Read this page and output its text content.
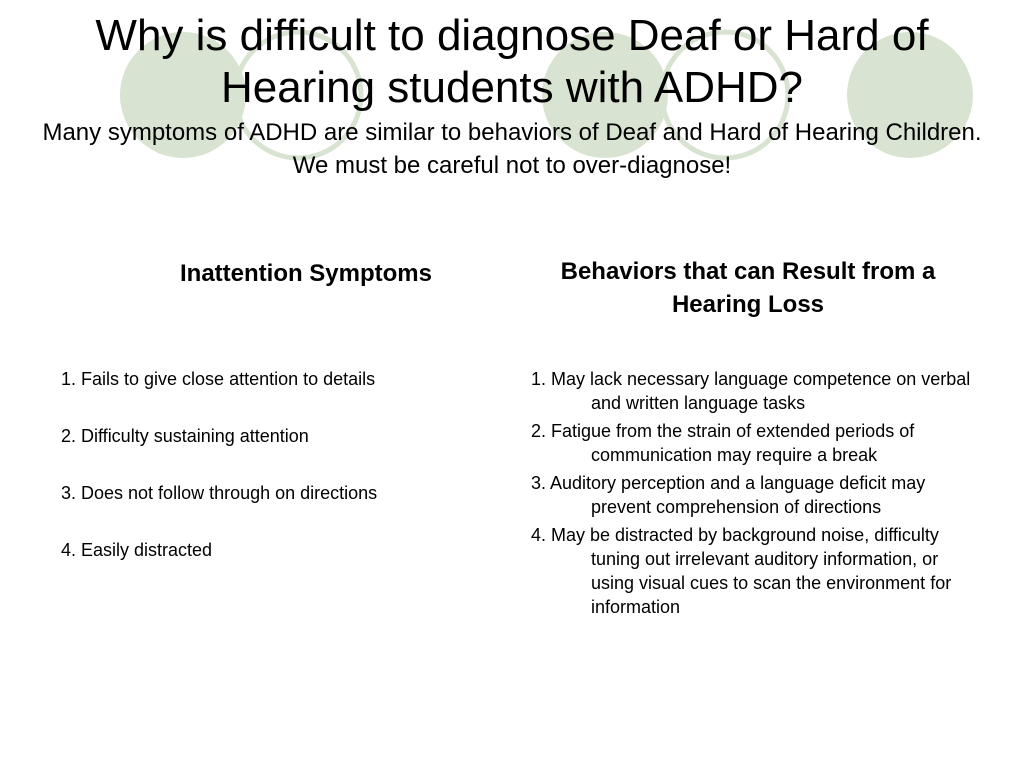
Why is difficult to diagnose Deaf or Hard of Hearing students with ADHD?

Many symptoms of ADHD are similar to behaviors of Deaf and Hard of Hearing Children. We must be careful not to over-diagnose!

Inattention Symptoms	Behaviors that can Result from a Hearing Loss
1. Fails to give close attention to details
2. Difficulty sustaining attention
3. Does not follow through on directions
4. Easily distracted
1. May lack necessary language competence on verbal and written language tasks
2. Fatigue from the strain of extended periods of communication may require a break
3. Auditory perception and a language deficit may prevent comprehension of directions
4. May be distracted by background noise, difficulty tuning out irrelevant auditory information, or using visual cues to scan the environment for information
